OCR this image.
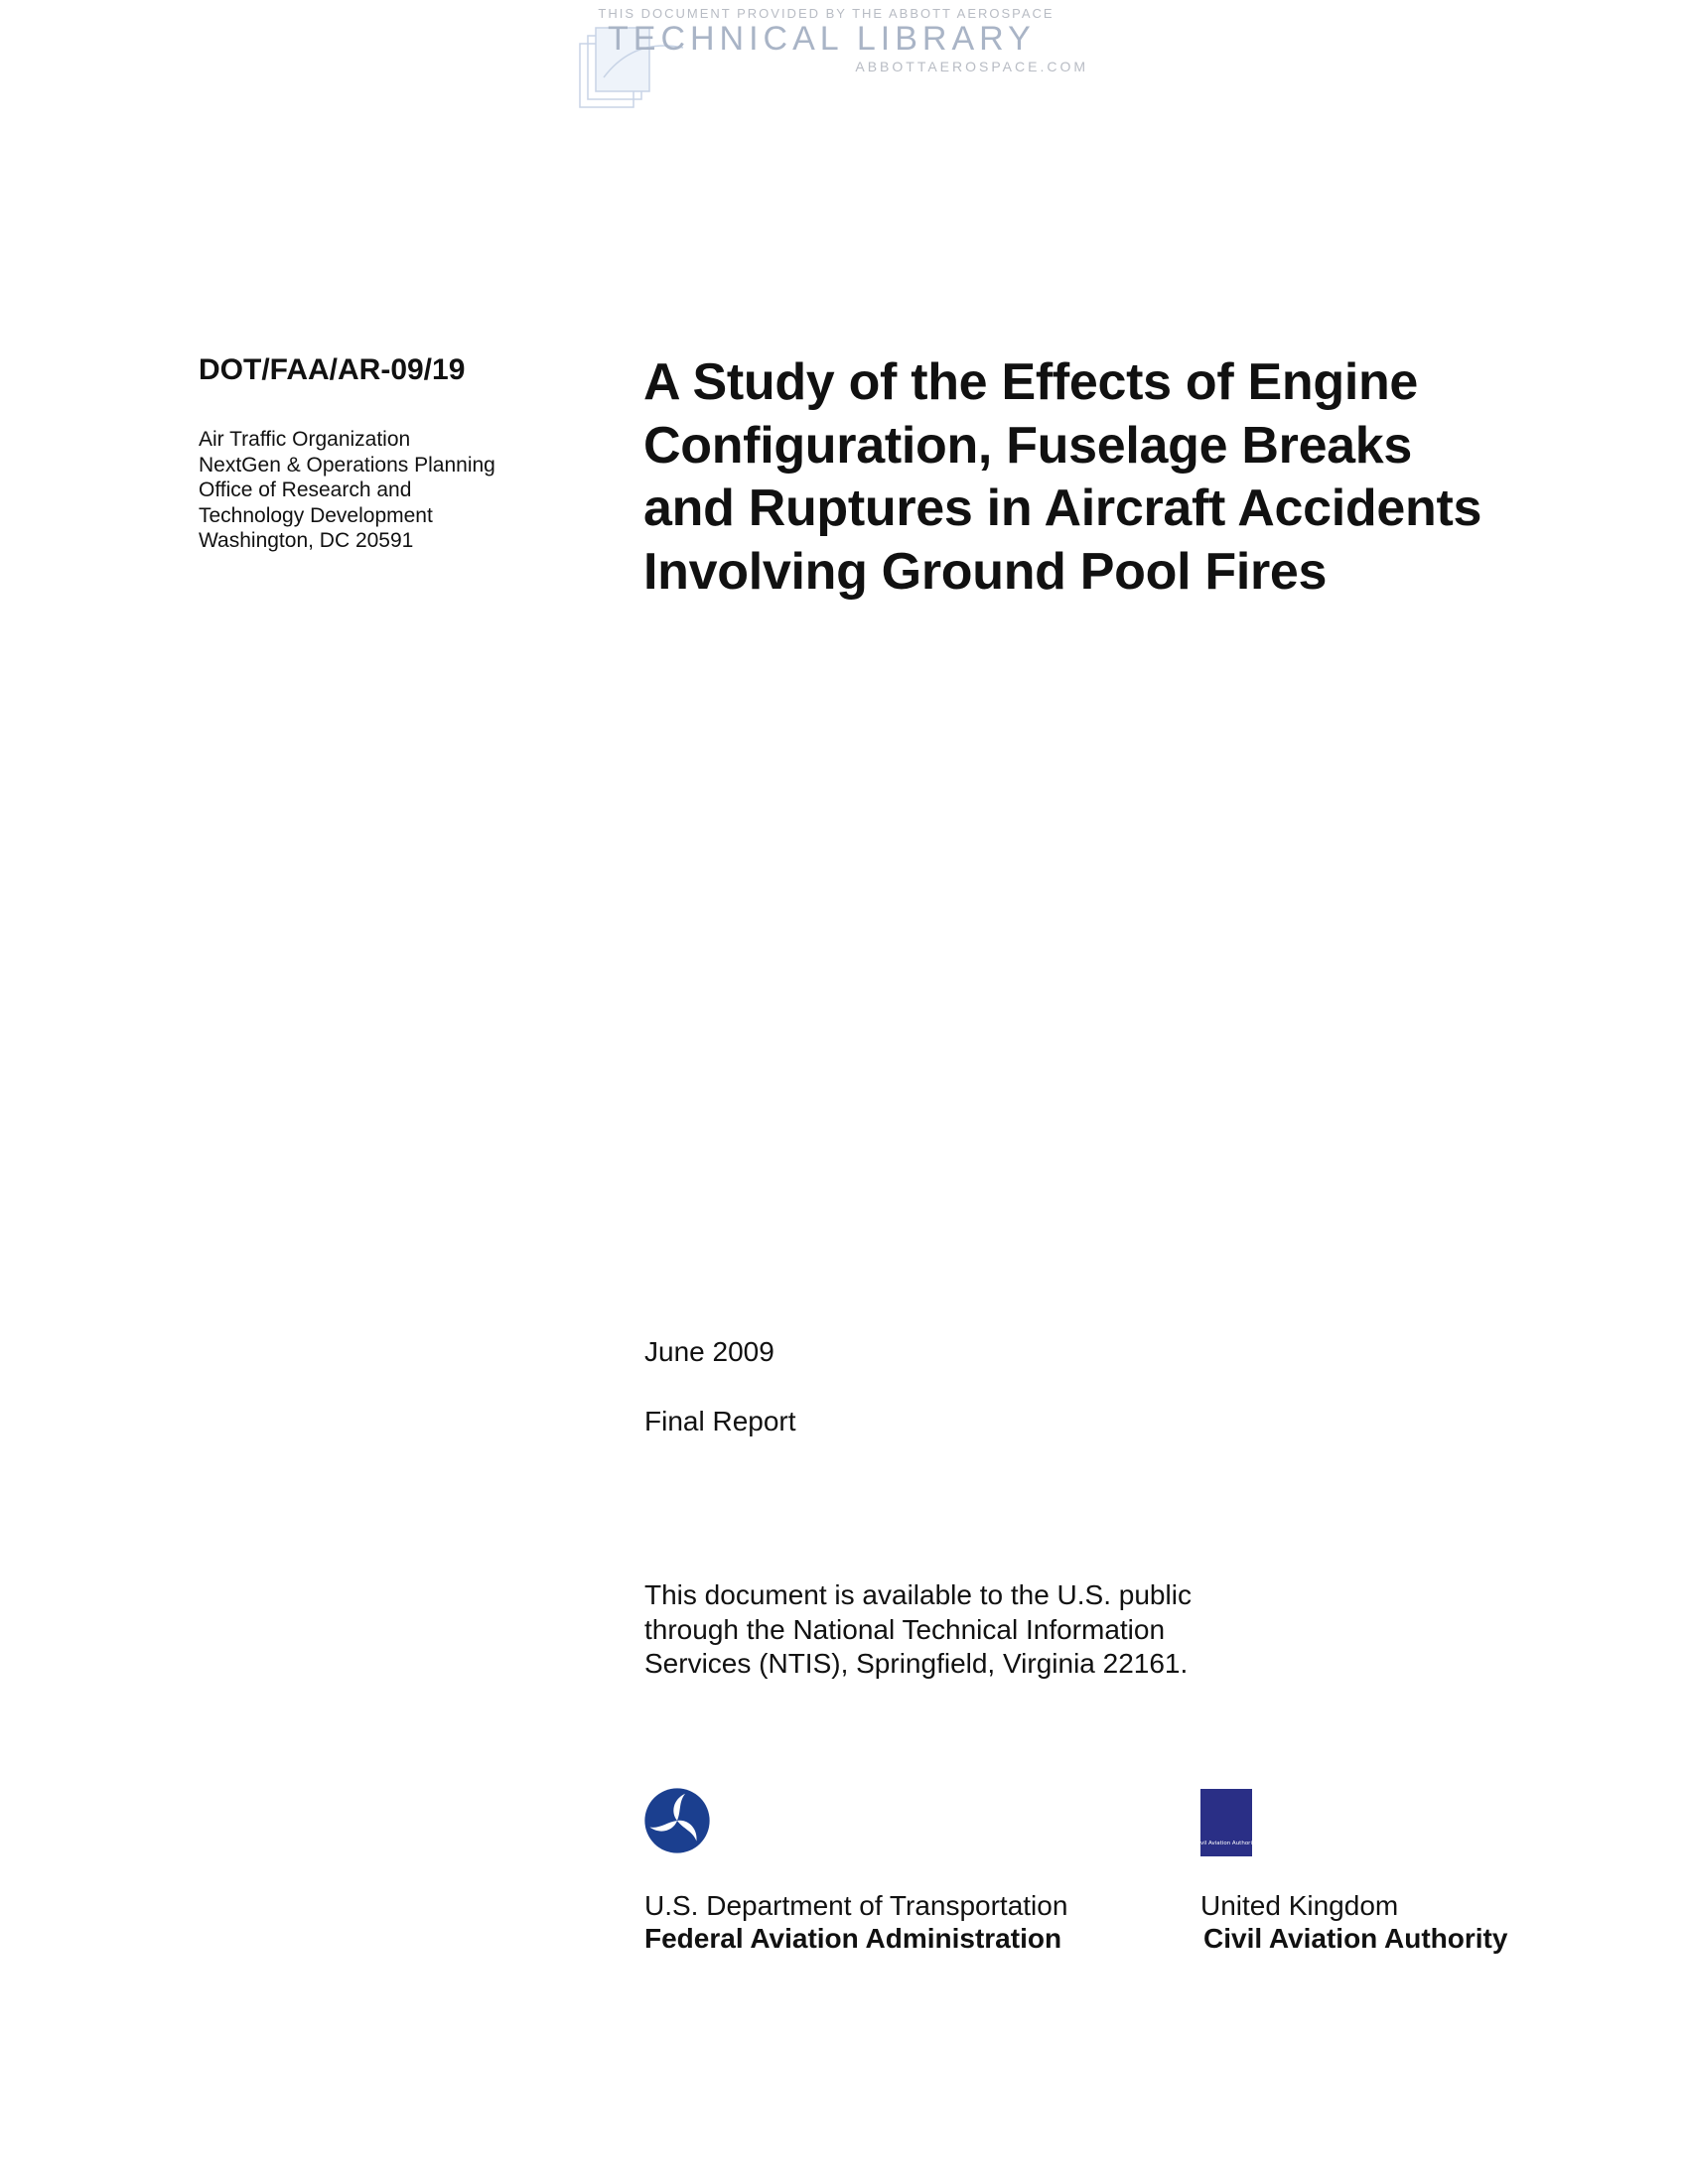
THIS DOCUMENT PROVIDED BY THE ABBOTT AEROSPACE
TECHNICAL LIBRARY
ABBOTTAEROSPACE.COM
DOT/FAA/AR-09/19
Air Traffic Organization
NextGen & Operations Planning
Office of Research and
Technology Development
Washington, DC 20591
A Study of the Effects of Engine
Configuration, Fuselage Breaks
and Ruptures in Aircraft Accidents
Involving Ground Pool Fires
June 2009
Final Report
This document is available to the U.S. public
through the National Technical Information
Services (NTIS), Springfield, Virginia 22161.
Civil Aviation Authority
U.S. Department of Transportation
Federal Aviation Administration
United Kingdom
Civil Aviation Authority
